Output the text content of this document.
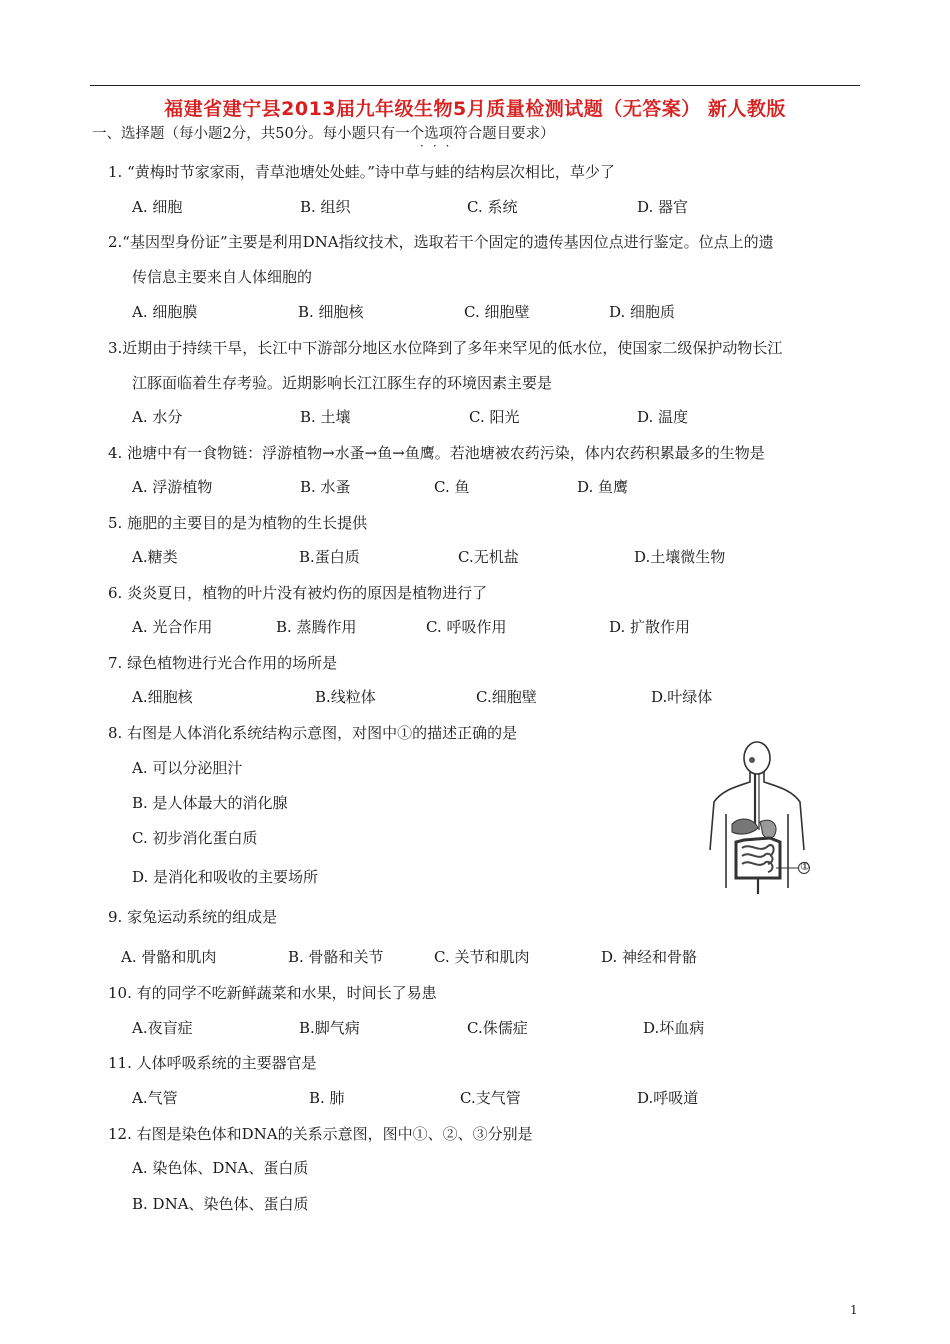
福建省建宁县2013届九年级生物5月质量检测试题（无答案） 新人教版
一、选择题（每小题2分，共50分。每小题只有一个选项符合题目要求）
···
1. “黄梅时节家家雨，青草池塘处处蛙。”诗中草与蛙的结构层次相比，草少了
A. 细胞	B. 组织	C. 系统	D. 器官
2.“基因型身份证”主要是利用DNA指纹技术，选取若干个固定的遗传基因位点进行鉴定。位点上的遗
传信息主要来自人体细胞的
A. 细胞膜	B. 细胞核	C. 细胞壁	D. 细胞质
3.近期由于持续干旱，长江中下游部分地区水位降到了多年来罕见的低水位，使国家二级保护动物长江
江豚面临着生存考验。近期影响长江江豚生存的环境因素主要是
A. 水分	B. 土壤	C. 阳光	D. 温度
4. 池塘中有一食物链：浮游植物→水蚤→鱼→鱼鹰。若池塘被农药污染，体内农药积累最多的生物是
A. 浮游植物	B. 水蚤	C. 鱼	D. 鱼鹰
5. 施肥的主要目的是为植物的生长提供
A.糖类	B.蛋白质	C.无机盐	D.土壤微生物
6. 炎炎夏日，植物的叶片没有被灼伤的原因是植物进行了
A. 光合作用	B. 蒸腾作用	C. 呼吸作用	D. 扩散作用
7. 绿色植物进行光合作用的场所是
A.细胞核	B.线粒体	C.细胞壁	D.叶绿体
8. 右图是人体消化系统结构示意图，对图中①的描述正确的是
A. 可以分泌胆汁
B. 是人体最大的消化腺
C. 初步消化蛋白质
D. 是消化和吸收的主要场所
①
9. 家兔运动系统的组成是
A. 骨骼和肌肉	B. 骨骼和关节	C. 关节和肌肉	D. 神经和骨骼
10. 有的同学不吃新鲜蔬菜和水果，时间长了易患
A.夜盲症	B.脚气病	C.侏儒症	D.坏血病
11. 人体呼吸系统的主要器官是
A.气管	B. 肺	C.支气管	D.呼吸道
12. 右图是染色体和DNA的关系示意图，图中①、②、③分别是
A. 染色体、DNA、蛋白质
B. DNA、染色体、蛋白质
1
